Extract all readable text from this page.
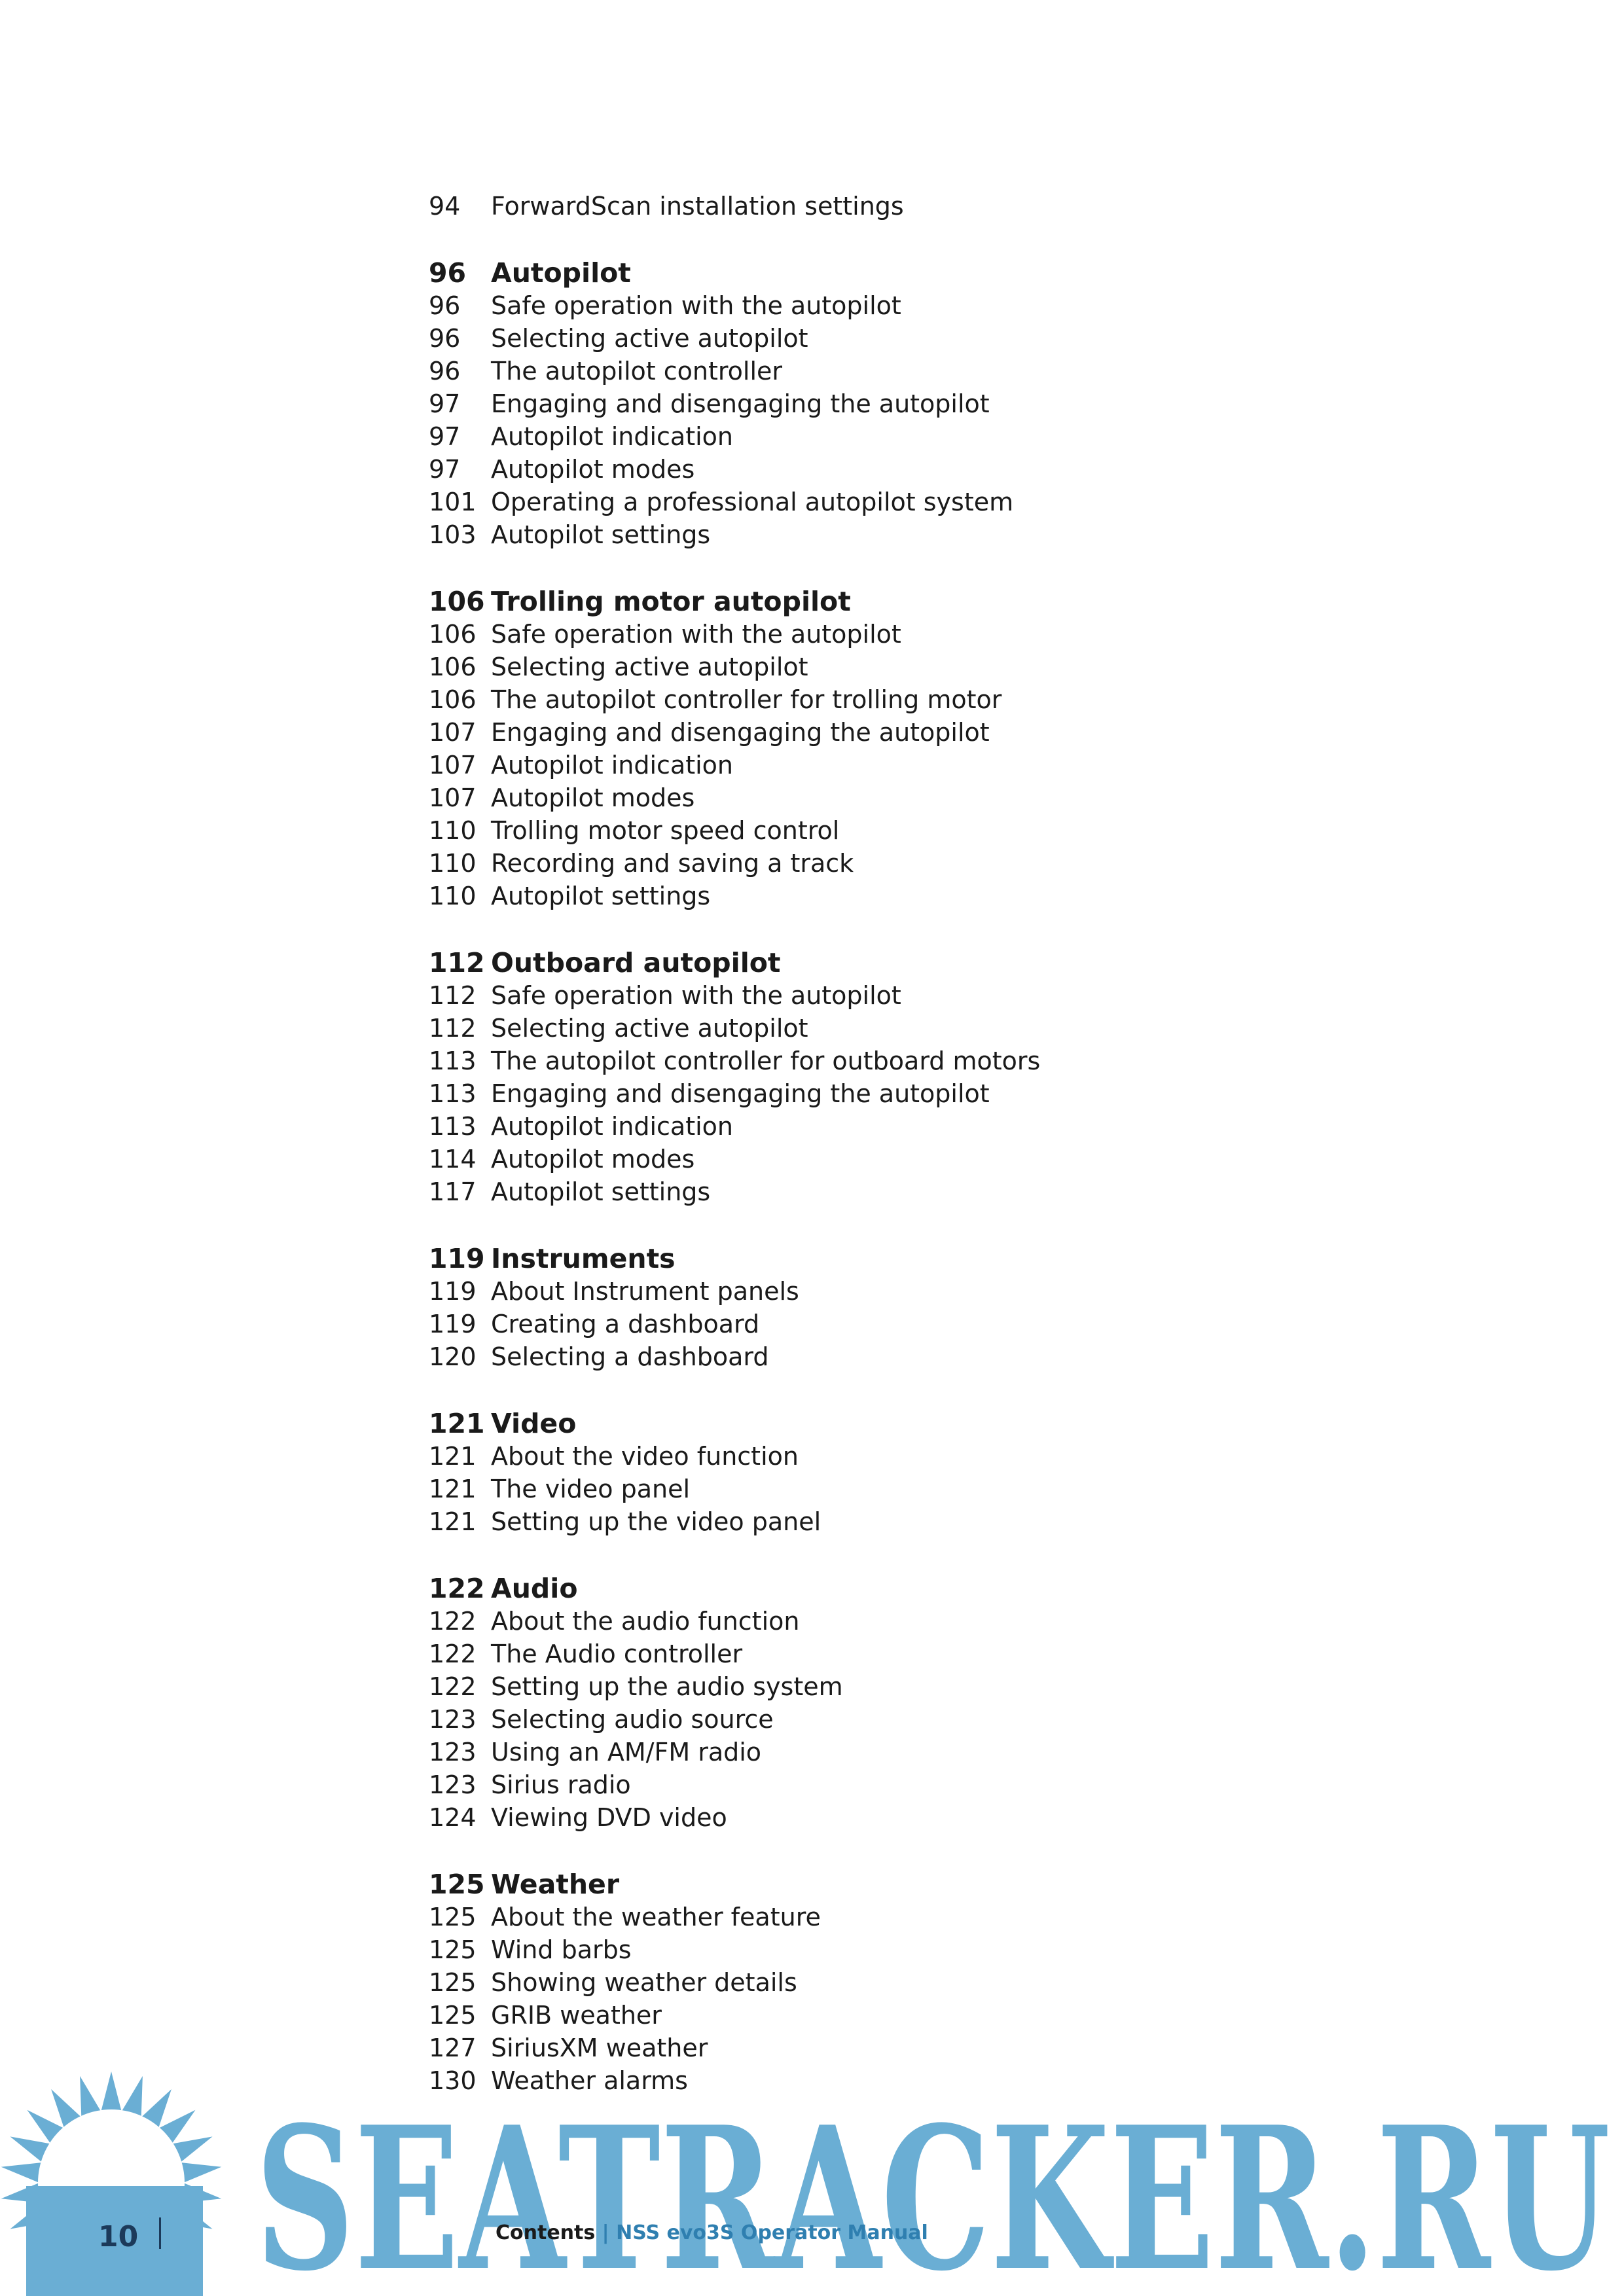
94	ForwardScan installation settings
96 Autopilot
96	Safe operation with the autopilot
96	Selecting active autopilot
96	The autopilot controller
97	Engaging and disengaging the autopilot
97	Autopilot indication
97	Autopilot modes
101 Operating a professional autopilot system
103 Autopilot settings
106 Trolling motor autopilot
106 Safe operation with the autopilot
106 Selecting active autopilot
106 The autopilot controller for trolling motor
107 Engaging and disengaging the autopilot
107 Autopilot indication
107 Autopilot modes
110 Trolling motor speed control
110 Recording and saving a track
110 Autopilot settings
112 Outboard autopilot
112 Safe operation with the autopilot
112 Selecting active autopilot
113 The autopilot controller for outboard motors
113 Engaging and disengaging the autopilot
113 Autopilot indication
114 Autopilot modes
117 Autopilot settings
119 Instruments
119 About Instrument panels
119 Creating a dashboard
120 Selecting a dashboard
121 Video
121 About the video function
121 The video panel
121 Setting up the video panel
122 Audio
122 About the audio function
122 The Audio controller
122 Setting up the audio system
123 Selecting audio source
123 Using an AM/FM radio
123 Sirius radio
124 Viewing DVD video
125 Weather
125 About the weather feature
125 Wind barbs
125 Showing weather details
125 GRIB weather
127 SiriusXM weather
130 Weather alarms
SEATRACKER.RU
10	Contents | NSS evo3S Operator Manual
